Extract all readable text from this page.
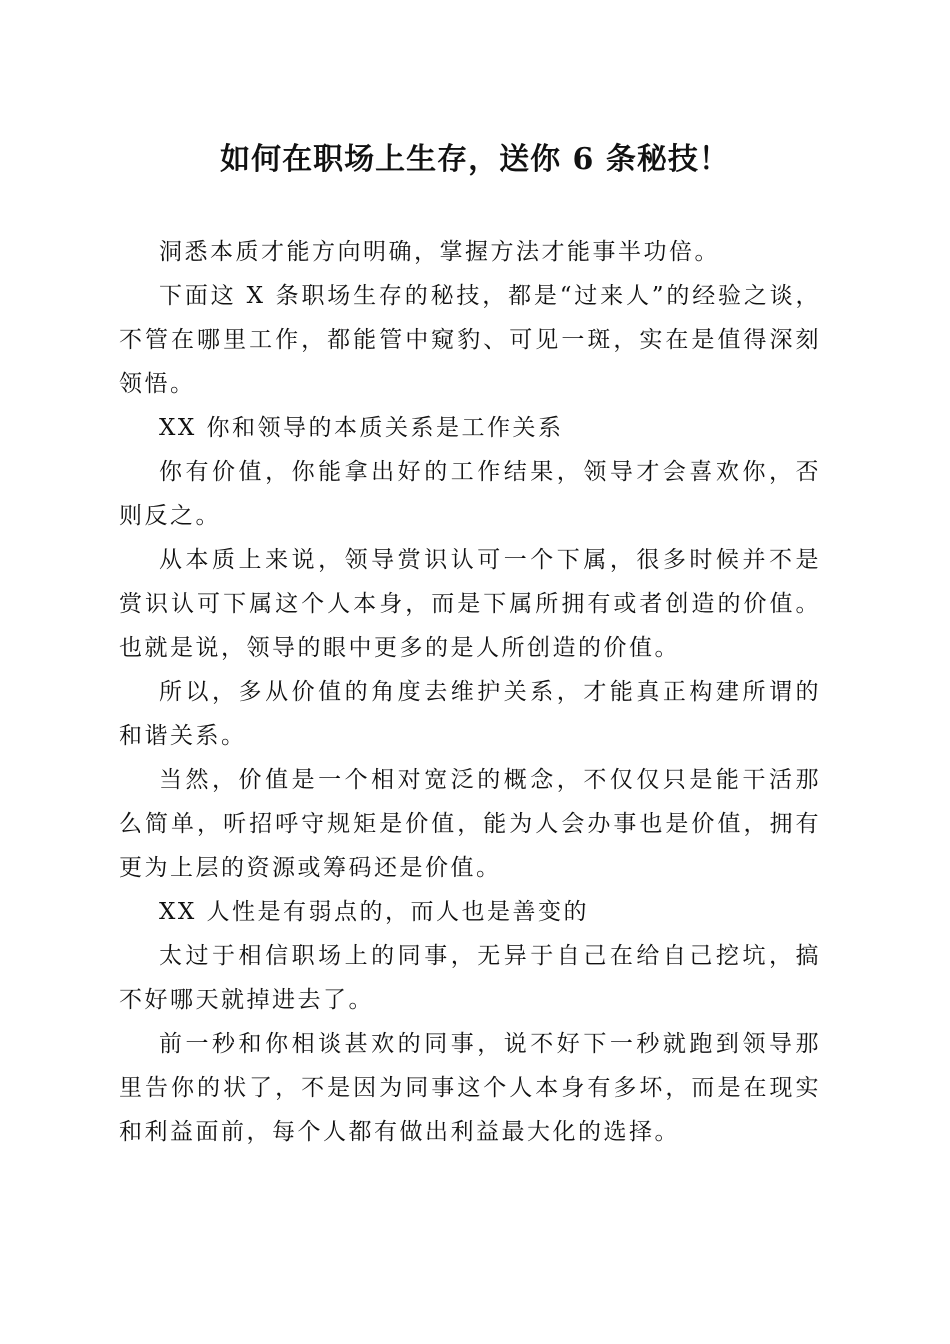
如何在职场上生存，送你 6 条秘技！

洞悉本质才能方向明确，掌握方法才能事半功倍。

下面这 X 条职场生存的秘技，都是“过来人”的经验之谈，不管在哪里工作，都能管中窥豹、可见一斑，实在是值得深刻领悟。

XX 你和领导的本质关系是工作关系

你有价值，你能拿出好的工作结果，领导才会喜欢你，否则反之。

从本质上来说，领导赏识认可一个下属，很多时候并不是赏识认可下属这个人本身，而是下属所拥有或者创造的价值。也就是说，领导的眼中更多的是人所创造的价值。

所以，多从价值的角度去维护关系，才能真正构建所谓的和谐关系。

当然，价值是一个相对宽泛的概念，不仅仅只是能干活那么简单，听招呼守规矩是价值，能为人会办事也是价值，拥有更为上层的资源或筹码还是价值。

XX 人性是有弱点的，而人也是善变的

太过于相信职场上的同事，无异于自己在给自己挖坑，搞不好哪天就掉进去了。

前一秒和你相谈甚欢的同事，说不好下一秒就跑到领导那里告你的状了，不是因为同事这个人本身有多坏，而是在现实和利益面前，每个人都有做出利益最大化的选择。
